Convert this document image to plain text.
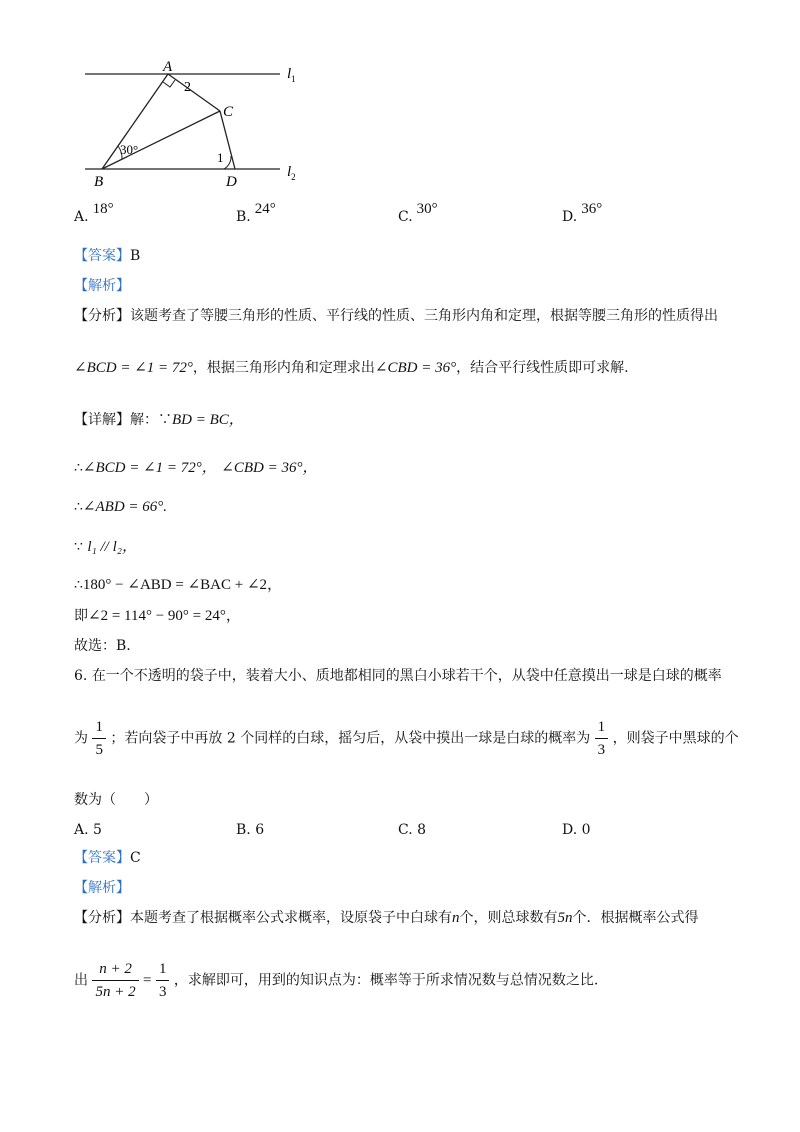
A
B
C
D
2
30°
1
$l_1$
$l_2$
A. 18°	B. 24°	C. 30°	D. 36°
【答案】B
【解析】
【分析】该题考查了等腰三角形的性质、平行线的性质、三角形内角和定理，根据等腰三角形的性质得出
∠BCD = ∠1 = 72°，根据三角形内角和定理求出∠CBD = 36°，结合平行线性质即可求解.
【详解】解：∵BD = BC，
∴∠BCD = ∠1 = 72°， ∠CBD = 36°，
∴∠ABD = 66°.
∵ l₁ // l₂，
∴180° − ∠ABD = ∠BAC + ∠2，
即∠2 = 114° − 90° = 24°，
故选：B.
6. 在一个不透明的袋子中，装着大小、质地都相同的黑白小球若干个，从袋中任意摸出一球是白球的概率
为 $\frac{1}{5}$ ；若向袋子中再放 2 个同样的白球，摇匀后，从袋中摸出一球是白球的概率为 $\frac{1}{3}$ ，则袋子中黑球的个
数为（　　）
A. 5	B. 6	C. 8	D. 0
【答案】C
【解析】
【分析】本题考查了根据概率公式求概率，设原袋子中白球有n个，则总球数有5n个．根据概率公式得
出 $\frac{n + 2}{5n + 2} = \frac{1}{3}$ ，求解即可，用到的知识点为：概率等于所求情况数与总情况数之比.
